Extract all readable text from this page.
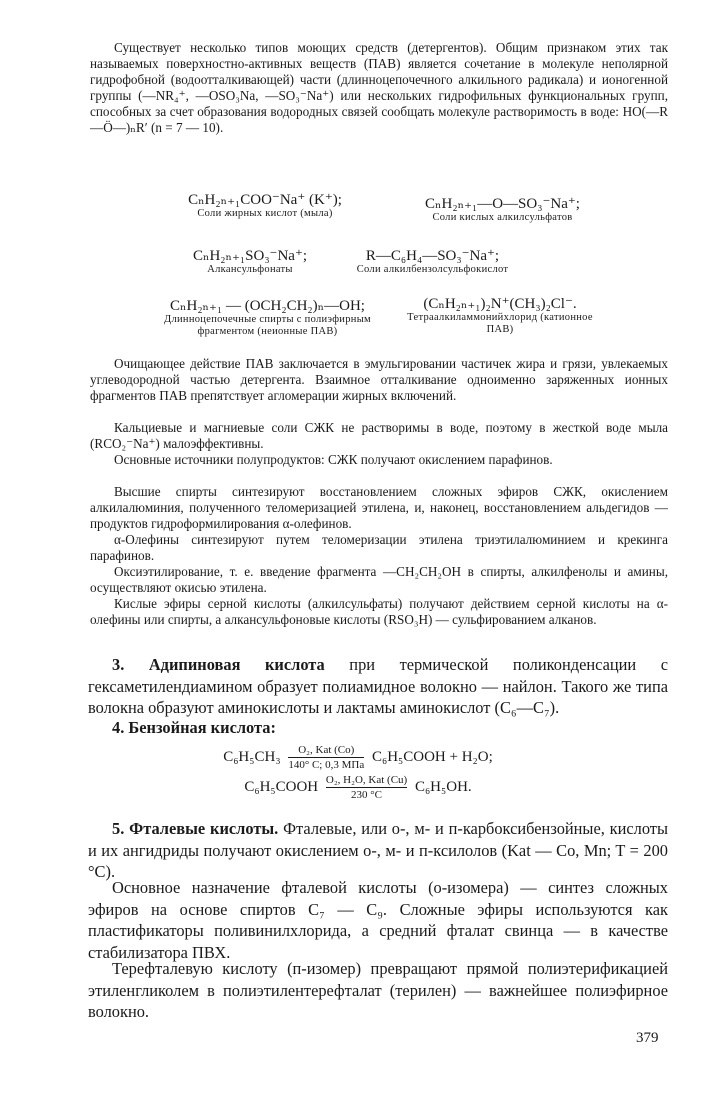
Существует несколько типов моющих средств (детергентов). Общим признаком этих так называемых поверхностно-активных веществ (ПАВ) является сочетание в молекуле неполярной гидрофобной (водоотталкивающей) части (длинноцепочечного алкильного радикала) и ионогенной группы (—NR₄⁺, —OSO₃Na, —SO₃⁻Na⁺) или нескольких гидрофильных функциональных групп, способных за счет образования водородных связей сообщать молекуле растворимость в воде: HO(—R—Ö—)ₙR′ (n = 7 — 10).

CₙH₂ₙ₊₁COO⁻Na⁺ (K⁺);
Соли жирных кислот (мыла)
CₙH₂ₙ₊₁—O—SO₃⁻Na⁺;
Соли кислых алкилсульфатов
CₙH₂ₙ₊₁SO₃⁻Na⁺;
Алкансульфонаты
R—C₆H₄—SO₃⁻Na⁺;
Соли алкилбензолсульфокислот
CₙH₂ₙ₊₁ — (OCH₂CH₂)ₙ—OH;
Длинноцепочечные спирты с полиэфирным фрагментом (неионные ПАВ)
(CₙH₂ₙ₊₁)₂N⁺(CH₃)₂Cl⁻.
Тетраалкиламмонийхлорид (катионное ПАВ)

Очищающее действие ПАВ заключается в эмульгировании частичек жира и грязи, увлекаемых углеводородной частью детергента. Взаимное отталкивание одноименно заряженных ионных фрагментов ПАВ препятствует агломерации жирных включений.

Кальциевые и магниевые соли СЖК не растворимы в воде, поэтому в жесткой воде мыла (RCO₂⁻Na⁺) малоэффективны.

Основные источники полупродуктов: СЖК получают окислением парафинов.

Высшие спирты синтезируют восстановлением сложных эфиров СЖК, окислением алкилалюминия, полученного теломеризацией этилена, и, наконец, восстановлением альдегидов — продуктов гидроформилирования α-олефинов.

α-Олефины синтезируют путем теломеризации этилена триэтилалюминием и крекинга парафинов.

Оксиэтилирование, т. е. введение фрагмента —CH₂CH₂OH в спирты, алкилфенолы и амины, осуществляют окисью этилена.

Кислые эфиры серной кислоты (алкилсульфаты) получают действием серной кислоты на α-олефины или спирты, а алкансульфоновые кислоты (RSO₃H) — сульфированием алканов.

3. Адипиновая кислота при термической поликонденсации с гексаметилендиамином образует полиамидное волокно — найлон. Такого же типа волокна образуют аминокислоты и лактамы аминокислот (C₆—C₇).

4. Бензойная кислота:

C₆H₅CH₃	O₂, Kat (Co)
140° C; 0,3 МПа
C₆H₅COOH + H₂O;
C₆H₅COOH O₂, H₂O, Kat (Cu)
230 °C
C₆H₅OH.

5. Фталевые кислоты. Фталевые, или о-, м- и п-карбоксибензойные, кислоты и их ангидриды получают окислением о-, м- и п-ксилолов (Kat — Co, Mn; T = 200 °C).

Основное назначение фталевой кислоты (о-изомера) — синтез сложных эфиров на основе спиртов C₇ — C₉. Сложные эфиры используются как пластификаторы поливинилхлорида, а средний фталат свинца — в качестве стабилизатора ПВХ.

Терефталевую кислоту (п-изомер) превращают прямой полиэтерификацией этиленгликолем в полиэтилентерефталат (терилен) — важнейшее полиэфирное волокно.

379
